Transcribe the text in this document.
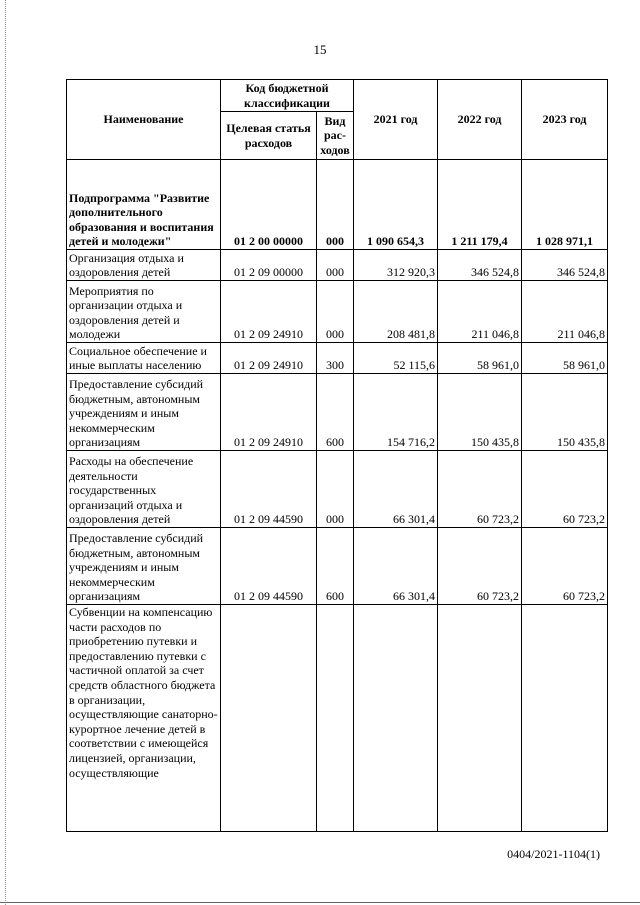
15
Наименование	Код бюджетной классификации		2021 год	2022 год	2023 год
	Целевая статья расходов	Вид рас-ходов			
Подпрограмма "Развитие дополнительного образования и воспитания детей и молодежи"	01 2 00 00000	000	1 090 654,3	1 211 179,4	1 028 971,1
Организация отдыха и оздоровления детей	01 2 09 00000	000	312 920,3	346 524,8	346 524,8
Мероприятия по организации отдыха и оздоровления детей и молодежи	01 2 09 24910	000	208 481,8	211 046,8	211 046,8
Социальное обеспечение и иные выплаты населению	01 2 09 24910	300	52 115,6	58 961,0	58 961,0
Предоставление субсидий бюджетным, автономным учреждениям и иным некоммерческим организациям	01 2 09 24910	600	154 716,2	150 435,8	150 435,8
Расходы на обеспечение деятельности государственных организаций отдыха и оздоровления детей	01 2 09 44590	000	66 301,4	60 723,2	60 723,2
Предоставление субсидий бюджетным, автономным учреждениям и иным некоммерческим организациям	01 2 09 44590	600	66 301,4	60 723,2	60 723,2
Субвенции на компенсацию части расходов по приобретению путевки и предоставлению путевки с частичной оплатой за счет средств областного бюджета в организации, осуществляющие санаторно-курортное лечение детей в соответствии с имеющейся лицензией, организации, осуществляющие					
0404/2021-1104(1)
